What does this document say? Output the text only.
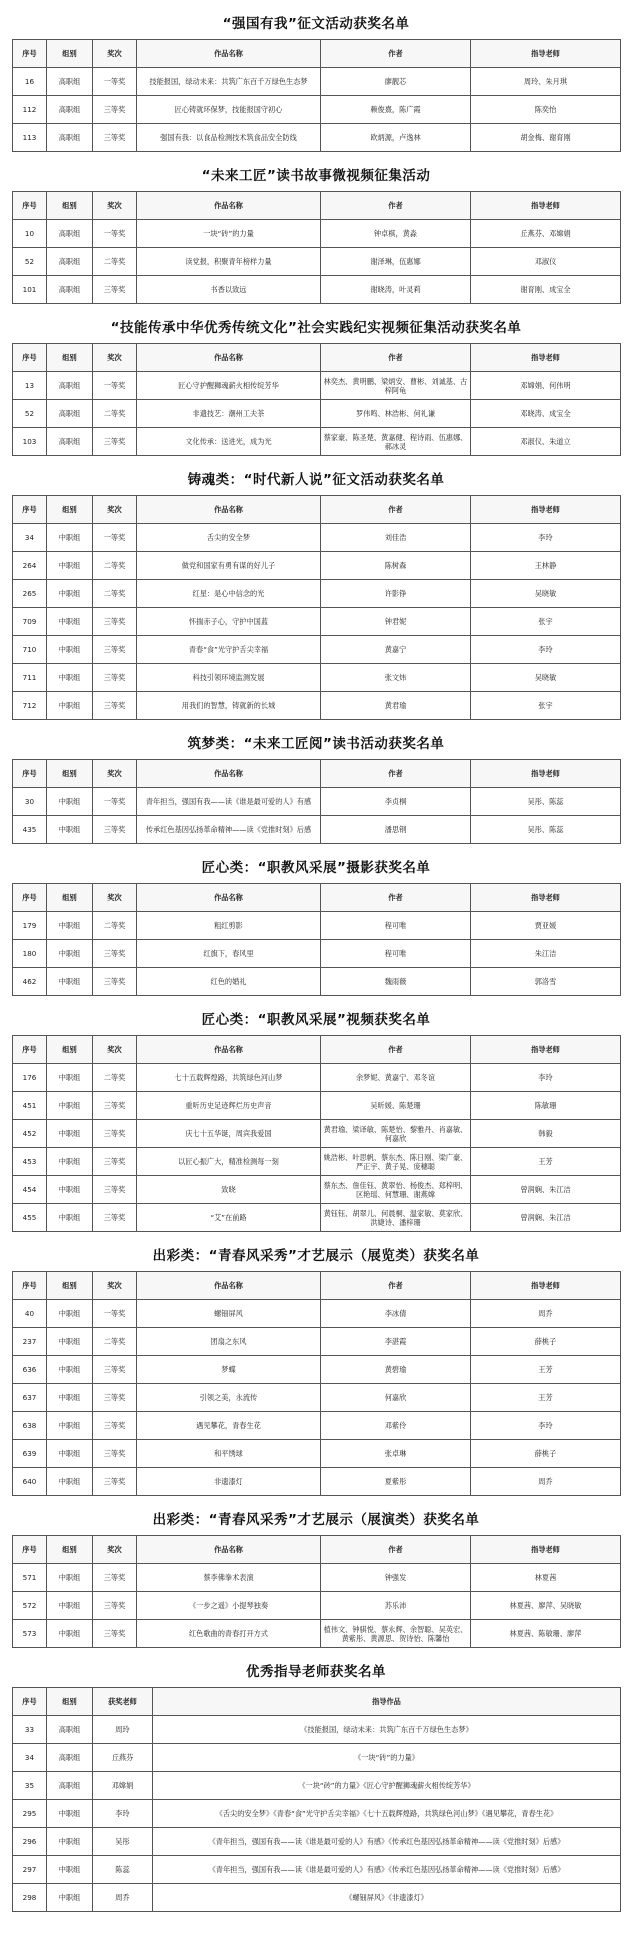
“强国有我”征文活动获奖名单
序号	组别	奖次	作品名称	作者	指导老师
16	高职组	一等奖	技能报国，绿动未来：共筑广东百千万绿色生态梦	廖靓芯	周玲、朱月琪
112	高职组	三等奖	匠心铸就环保梦，技能报国守初心	赖俊熹，陈广霞	陈奕怡
113	高职组	三等奖	强国有我：以食品检测技术筑食品安全防线	欧炳源，卢逸林	胡金梅、谢育刚
“未来工匠”读书故事微视频征集活动
序号	组别	奖次	作品名称	作者	指导老师
10	高职组	一等奖	一块“砖”的力量	钟卓棋，黄淼	丘燕芬、邓嫦娟
52	高职组	二等奖	读党报，积聚青年榜样力量	谢泽琳，伍惠娜	邓淑仪
101	高职组	三等奖	书香以致远	谢晓涛，叶灵莉	谢育刚、成宝全
“技能传承中华优秀传统文化”社会实践纪实视频征集活动获奖名单
序号	组别	奖次	作品名称	作者	指导老师
13	高职组	一等奖	匠心守护醒狮魂薪火相传绽芳华	林奕杰、黄明鹏、梁炳安、曹彬、刘诚基、古梓阿龟	邓嫦娟、何伟明
52	高职组	二等奖	非遗技艺：潮州工夫茶	罗伟鸣、林浩彬、何礼谦	邓晓涛、成宝全
103	高职组	三等奖	文化传承：送进光，成为光	蔡家豪、陈圣楚、黄嘉健、程诗雨、伍惠娜、郝冰灵	邓淑仪、朱道立
铸魂类：“时代新人说”征文活动获奖名单
序号	组别	奖次	作品名称	作者	指导老师
34	中职组	一等奖	舌尖的安全梦	刘佳浩	李玲
264	中职组	二等奖	做党和国家有勇有谋的好儿子	陈树森	王林静
265	中职组	二等奖	红星：是心中信念的光	许影铮	吴晓敏
709	中职组	三等奖	怀揣赤子心，守护中国蓝	钟君妮	张宇
710	中职组	三等奖	青春“食”光守护舌尖幸福	黄嘉宁	李玲
711	中职组	三等奖	科技引领环境监测发展	张文炜	吴晓敏
712	中职组	三等奖	用我们的智慧，铸就新的长城	黄君瑜	张宇
筑梦类：“未来工匠阅”读书活动获奖名单
序号	组别	奖次	作品名称	作者	指导老师
30	中职组	一等奖	青年担当，强国有我——读《谁是最可爱的人》有感	李贞桐	吴彤、陈蕊
435	中职组	三等奖	传承红色基因弘扬革命精神——读《党推时刻》后感	潘思钢	吴彤、陈蕊
匠心类：“职教风采展”摄影获奖名单
序号	组别	奖次	作品名称	作者	指导老师
179	中职组	二等奖	粗红剪影	程可唯	贾亚媛
180	中职组	三等奖	红旗下，春风里	程可唯	朱江洁
462	中职组	三等奖	红色的婚礼	魏雨薇	郭洛雪
匠心类：“职教风采展”视频获奖名单
序号	组别	奖次	作品名称	作者	指导老师
176	中职组	二等奖	七十五载辉煌路，共筑绿色河山梦	余梦妮、黄嘉宁、邓冬谊	李玲
451	中职组	三等奖	重听历史足迹辉烂历史声音	吴昕媛、陈楚珊	陈敏珊
452	中职组	三等奖	庆七十五华诞，周宾我爱国	黄君瑜、梁译敏、陈楚怡、黎雅丹、肖嘉敏、何嘉欣	韩毅
453	中职组	三等奖	以匠心振广大，精准检测每一刻	姚浩彬、叶思帆、蔡东杰、陈日刚、梁广豪、严正宇、黄子晃、庞穗聪	王芳
454	中职组	三等奖	致晓	蔡东杰、詹佳钰、黄翠怡、杨俊杰、郑梓明、区艳瑶、何慧珊、谢燕嫦	曾润娴、朱江洁
455	中职组	三等奖	“艾”在前路	黄钰钰、胡翠儿、何晨桐、温家敏、莫家欣、洪婕诗、潘梓珊	曾润娴、朱江洁
出彩类：“青春风采秀”才艺展示（展览类）获奖名单
序号	组别	奖次	作品名称	作者	指导老师
40	中职组	一等奖	螺钿屏风	李冰倩	周乔
237	中职组	二等奖	团扇之东风	李湛霞	薛桃子
636	中职组	三等奖	梦蝶	黄碧瑜	王芳
637	中职组	三等奖	引领之美，永流传	何嘉欣	王芳
638	中职组	三等奖	遇见攀花，青春生花	邓紫伶	李玲
639	中职组	三等奖	和平绣球	张卓琳	薛桃子
640	中职组	三等奖	非遗漆灯	夏紫彤	周乔
出彩类：“青春风采秀”才艺展示（展演类）获奖名单
序号	组别	奖次	作品名称	作者	指导老师
571	中职组	三等奖	蔡李佛拳术表演	钟强发	林夏茜
572	中职组	三等奖	《一步之遥》小提琴独奏	苏乐沛	林夏茜、廖萍、吴晓敏
573	中职组	三等奖	红色歌曲的青春打开方式	植伟文、钟骐悦、蔡永辉、余智聪、吴英宏、黄紫彤、黄源思、贺诗怡、陈馨怡	林夏茜、陈敏珊、廖萍
优秀指导老师获奖名单
序号	组别	获奖老师	指导作品
33	高职组	周玲	《技能报国，绿动未来：共筑广东百千万绿色生态梦》
34	高职组	丘燕芬	《一块“砖”的力量》
35	高职组	邓嫦娟	《一块“砖”的力量》《匠心守护醒狮魂薪火相传绽芳华》
295	中职组	李玲	《舌尖的安全梦》《青春“食”光守护舌尖幸福》《七十五载辉煌路，共筑绿色河山梦》《遇见攀花，青春生花》
296	中职组	吴彤	《青年担当，强国有我——读《谁是最可爱的人》有感》《传承红色基因弘扬革命精神——读《党推时刻》后感》
297	中职组	陈蕊	《青年担当，强国有我——读《谁是最可爱的人》有感》《传承红色基因弘扬革命精神——读《党推时刻》后感》
298	中职组	周乔	《螺钿屏风》《非遗漆灯》
